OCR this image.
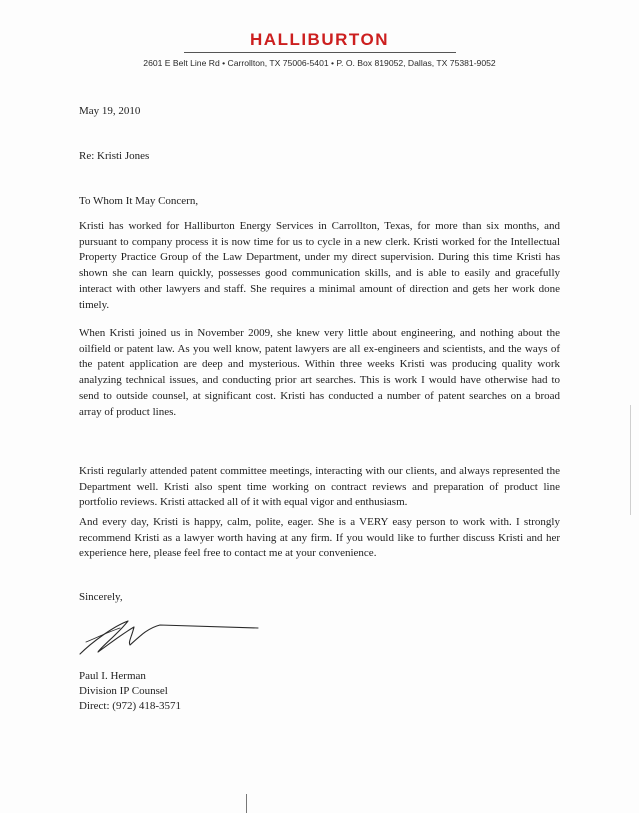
HALLIBURTON
2601 E Belt Line Rd • Carrollton, TX 75006-5401 • P. O. Box 819052, Dallas, TX 75381-9052
May 19, 2010
Re: Kristi Jones
To Whom It May Concern,
Kristi has worked for Halliburton Energy Services in Carrollton, Texas, for more than six months, and pursuant to company process it is now time for us to cycle in a new clerk. Kristi worked for the Intellectual Property Practice Group of the Law Department, under my direct supervision. During this time Kristi has shown she can learn quickly, possesses good communication skills, and is able to easily and gracefully interact with other lawyers and staff. She requires a minimal amount of direction and gets her work done timely.
When Kristi joined us in November 2009, she knew very little about engineering, and nothing about the oilfield or patent law. As you well know, patent lawyers are all ex-engineers and scientists, and the ways of the patent application are deep and mysterious. Within three weeks Kristi was producing quality work analyzing technical issues, and conducting prior art searches. This is work I would have otherwise had to send to outside counsel, at significant cost. Kristi has conducted a number of patent searches on a broad array of product lines.
Kristi regularly attended patent committee meetings, interacting with our clients, and always represented the Department well. Kristi also spent time working on contract reviews and preparation of product line portfolio reviews. Kristi attacked all of it with equal vigor and enthusiasm.
And every day, Kristi is happy, calm, polite, eager. She is a VERY easy person to work with. I strongly recommend Kristi as a lawyer worth having at any firm. If you would like to further discuss Kristi and her experience here, please feel free to contact me at your convenience.
Sincerely,
Paul I. Herman
Division IP Counsel
Direct: (972) 418-3571
